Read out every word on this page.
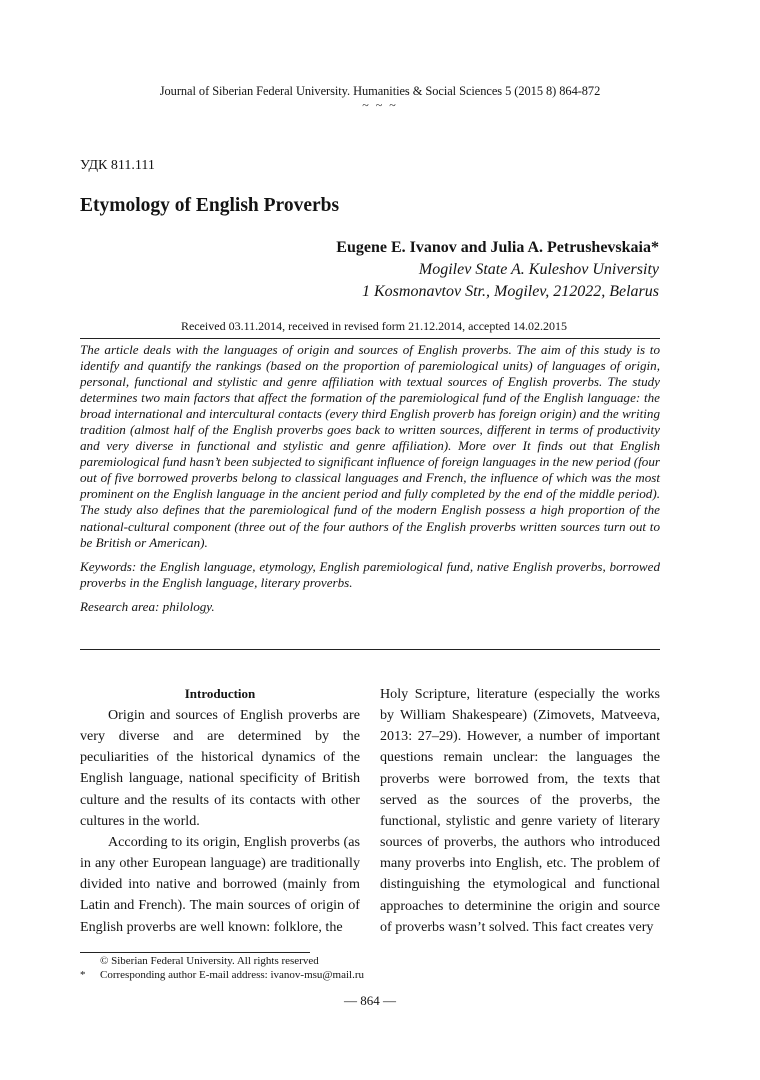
Journal of Siberian Federal University. Humanities & Social Sciences 5 (2015 8) 864-872
~ ~ ~
УДК 811.111
Etymology of English Proverbs
Eugene E. Ivanov and Julia A. Petrushevskaia*
Mogilev State A. Kuleshov University
1 Kosmonavtov Str., Mogilev, 212022, Belarus
Received 03.11.2014, received in revised form 21.12.2014, accepted 14.02.2015

The article deals with the languages of origin and sources of English proverbs. The aim of this study is to identify and quantify the rankings (based on the proportion of paremiological units) of languages of origin, personal, functional and stylistic and genre affiliation with textual sources of English proverbs. The study determines two main factors that affect the formation of the paremiological fund of the English language: the broad international and intercultural contacts (every third English proverb has foreign origin) and the writing tradition (almost half of the English proverbs goes back to written sources, different in terms of productivity and very diverse in functional and stylistic and genre affiliation). More over It finds out that English paremiological fund hasn’t been subjected to significant influence of foreign languages in the new period (four out of five borrowed proverbs belong to classical languages and French, the influence of which was the most prominent on the English language in the ancient period and fully completed by the end of the middle period). The study also defines that the paremiological fund of the modern English possess a high proportion of the national-cultural component (three out of the four authors of the English proverbs written sources turn out to be British or American).

Keywords: the English language, etymology, English paremiological fund, native English proverbs, borrowed proverbs in the English language, literary proverbs.

Research area: philology.

Introduction

Origin and sources of English proverbs are very diverse and are determined by the peculiarities of the historical dynamics of the English language, national specificity of British culture and the results of its contacts with other cultures in the world.

According to its origin, English proverbs (as in any other European language) are traditionally divided into native and borrowed (mainly from Latin and French). The main sources of origin of English proverbs are well known: folklore, the

Holy Scripture, literature (especially the works by William Shakespeare) (Zimovets, Matveeva, 2013: 27–29). However, a number of important questions remain unclear: the languages the proverbs were borrowed from, the texts that served as the sources of the proverbs, the functional, stylistic and genre variety of literary sources of proverbs, the authors who introduced many proverbs into English, etc. The problem of distinguishing the etymological and functional approaches to determinine the origin and source of proverbs wasn’t solved. This fact creates very

© Siberian Federal University. All rights reserved
* Corresponding author E-mail address: ivanov-msu@mail.ru
— 864 —
